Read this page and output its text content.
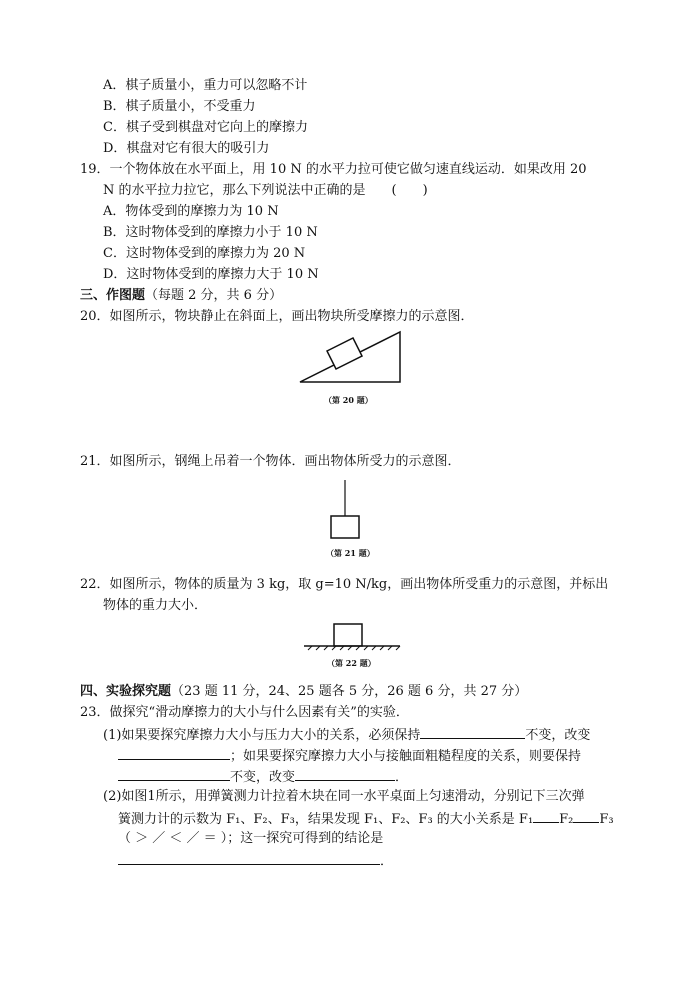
A．棋子质量小，重力可以忽略不计
B．棋子质量小，不受重力
C．棋子受到棋盘对它向上的摩擦力
D．棋盘对它有很大的吸引力
19．一个物体放在水平面上，用 10 N 的水平力拉可使它做匀速直线运动．如果改用 20
N 的水平拉力拉它，那么下列说法中正确的是　　(　　)
A．物体受到的摩擦力为 10 N
B．这时物体受到的摩擦力小于 10 N
C．这时物体受到的摩擦力为 20 N
D．这时物体受到的摩擦力大于 10 N
三、作图题（每题 2 分，共 6 分）
20．如图所示，物块静止在斜面上，画出物块所受摩擦力的示意图．
（第 20 题）
21．如图所示，钢绳上吊着一个物体．画出物体所受力的示意图．
（第 21 题）
22．如图所示，物体的质量为 3 kg，取 g=10 N/kg，画出物体所受重力的示意图，并标出
物体的重力大小．
（第 22 题）
四、实验探究题（23 题 11 分，24、25 题各 5 分，26 题 6 分，共 27 分）
23．做探究“滑动摩擦力的大小与什么因素有关”的实验．
(1)如果要探究摩擦力大小与压力大小的关系，必须保持	不变，改变
；如果要探究摩擦力大小与接触面粗糙程度的关系，则要保持
不变，改变	．
(2)如图1所示，用弹簧测力计拉着木块在同一水平桌面上匀速滑动，分别记下三次弹
簧测力计的示数为 F₁、F₂、F₃，结果发现 F₁、F₂、F₃ 的大小关系是 F₁ F₂ F₃
（ ＞ ／ ＜ ／ ＝ ）；这一探究可得到的结论是
．
